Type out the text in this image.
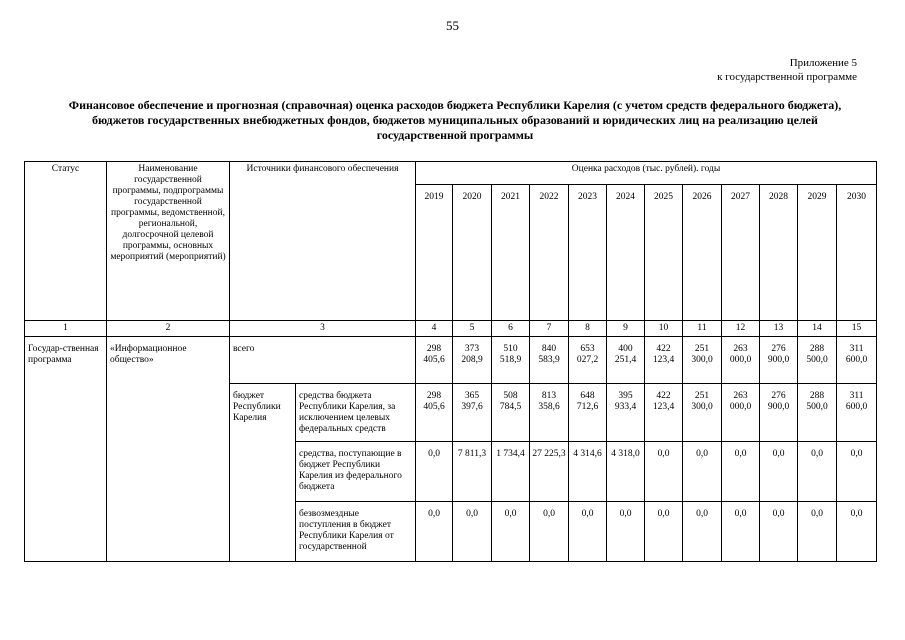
55
Приложение 5
к государственной программе
Финансовое обеспечение и прогнозная (справочная) оценка расходов бюджета Республики Карелия (с учетом средств федерального бюджета), бюджетов государственных внебюджетных фондов, бюджетов муниципальных образований и юридических лиц на реализацию целей государственной программы
Статус	Наименование государственной программы, подпрограммы государственной программы, ведомственной, региональной, долгосрочной целевой программы, основных мероприятий (мероприятий)	Источники финансового обеспечения		Оценка расходов (тыс. рублей). годы											
				2019	2020	2021	2022	2023	2024	2025	2026	2027	2028	2029	2030
1	2	3		4	5	6	7	8	9	10	11	12	13	14	15
Государ-ственная программа	«Информационное общество»	всего		298 405,6	373 208,9	510 518,9	840 583,9	653 027,2	400 251,4	422 123,4	251 300,0	263 000,0	276 900,0	288 500,0	311 600,0
		бюджет Республики Карелия	средства бюджета Республики Карелия, за исключением целевых федеральных средств	298 405,6	365 397,6	508 784,5	813 358,6	648 712,6	395 933,4	422 123,4	251 300,0	263 000,0	276 900,0	288 500,0	311 600,0
			средства, поступающие в бюджет Республики Карелия из федерального бюджета	0,0	7 811,3	1 734,4	27 225,3	4 314,6	4 318,0	0,0	0,0	0,0	0,0	0,0	0,0
			безвозмездные поступления в бюджет Республики Карелия от государственной	0,0	0,0	0,0	0,0	0,0	0,0	0,0	0,0	0,0	0,0	0,0	0,0
